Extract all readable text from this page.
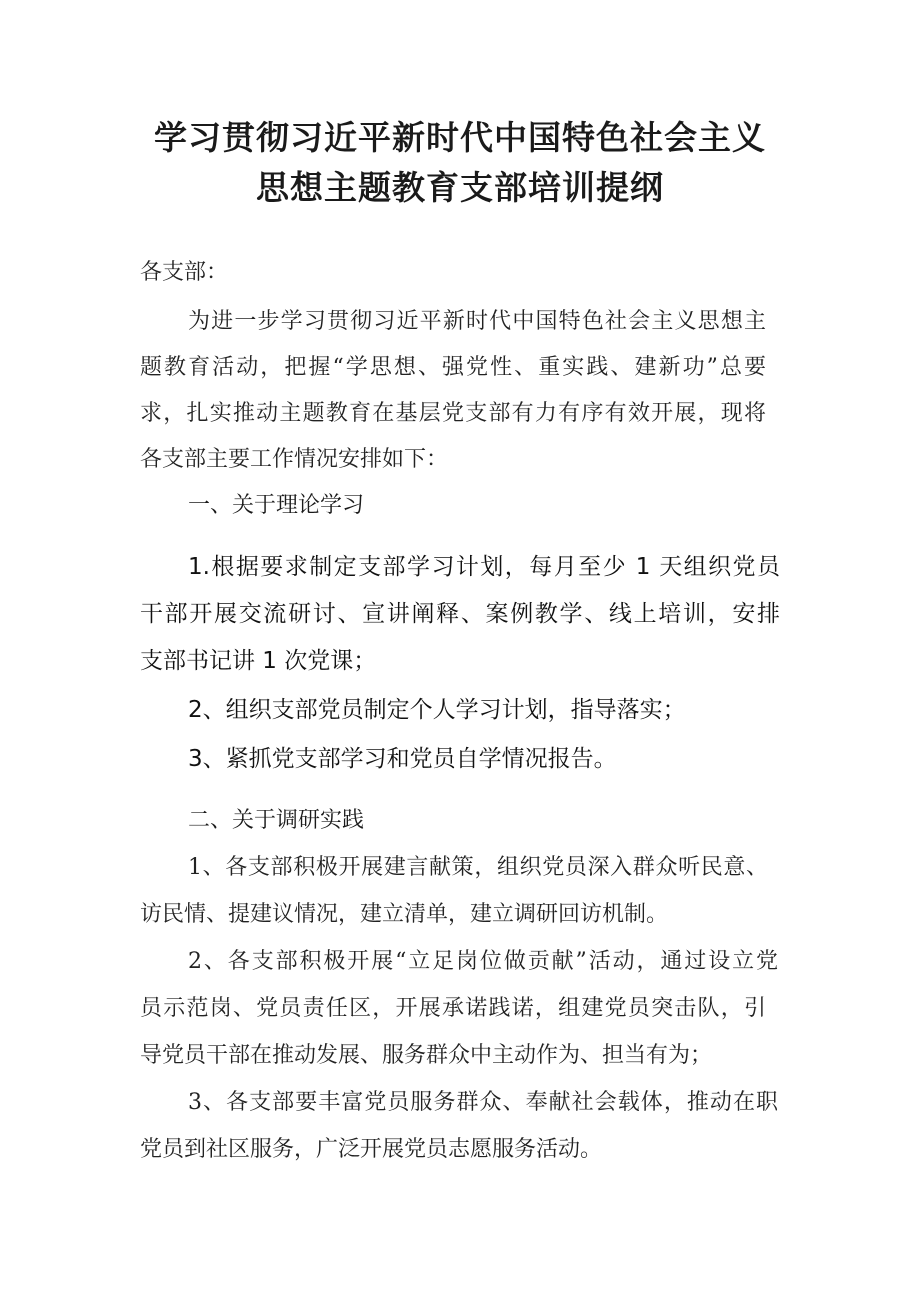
学习贯彻习近平新时代中国特色社会主义
思想主题教育支部培训提纲
各支部：
为进一步学习贯彻习近平新时代中国特色社会主义思想主
题教育活动，把握“学思想、强党性、重实践、建新功”总要
求，扎实推动主题教育在基层党支部有力有序有效开展，现将
各支部主要工作情况安排如下：
一、关于理论学习
1.根据要求制定支部学习计划，每月至少 1 天组织党员
干部开展交流研讨、宣讲阐释、案例教学、线上培训，安排
支部书记讲 1 次党课；
2、组织支部党员制定个人学习计划，指导落实；
3、紧抓党支部学习和党员自学情况报告。
二、关于调研实践
1、各支部积极开展建言献策，组织党员深入群众听民意、
访民情、提建议情况，建立清单，建立调研回访机制。
2、各支部积极开展“立足岗位做贡献”活动，通过设立党
员示范岗、党员责任区，开展承诺践诺，组建党员突击队，引
导党员干部在推动发展、服务群众中主动作为、担当有为；
3、各支部要丰富党员服务群众、奉献社会载体，推动在职
党员到社区服务，广泛开展党员志愿服务活动。
